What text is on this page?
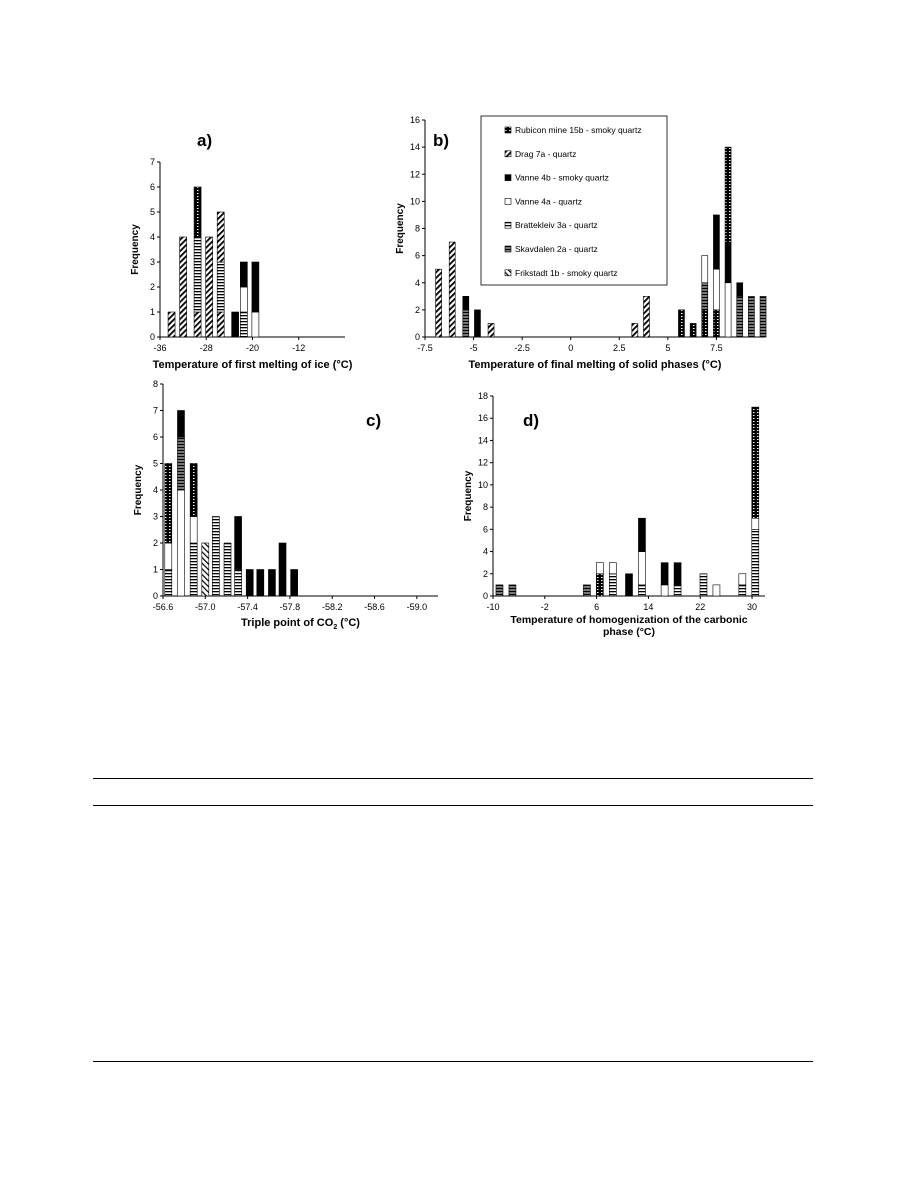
0
1
2
3
4
5
6
7
-36	-28	-20	-12
a)
Frequency
Temperature of first melting of ice (°C)
0
2
4
6
8
10
12
14
16
-7.5	-5	-2.5	0	2.5	5	7.5
b)
Frequency
Temperature of final melting of solid phases (°C)
0
1
2
3
4
5
6
7
8
-56.6 -57.0 -57.4 -57.8 -58.2 -58.6 -59.0
c)
Frequency
Triple point of $CO_2$ (°C)
0
2
4
6
8
10
12
14
16
18
-10	-2	6	14	22	30
d)
Frequency
Temperature of homogenization of the carbonic
phase (°C)
Rubicon mine 15b - smoky quartz
Drag 7a - quartz
Vanne 4b - smoky quartz
Vanne 4a - quartz
Brattekleiv 3a - quartz
Skavdalen 2a - quartz
Frikstadt 1b - smoky quartz
